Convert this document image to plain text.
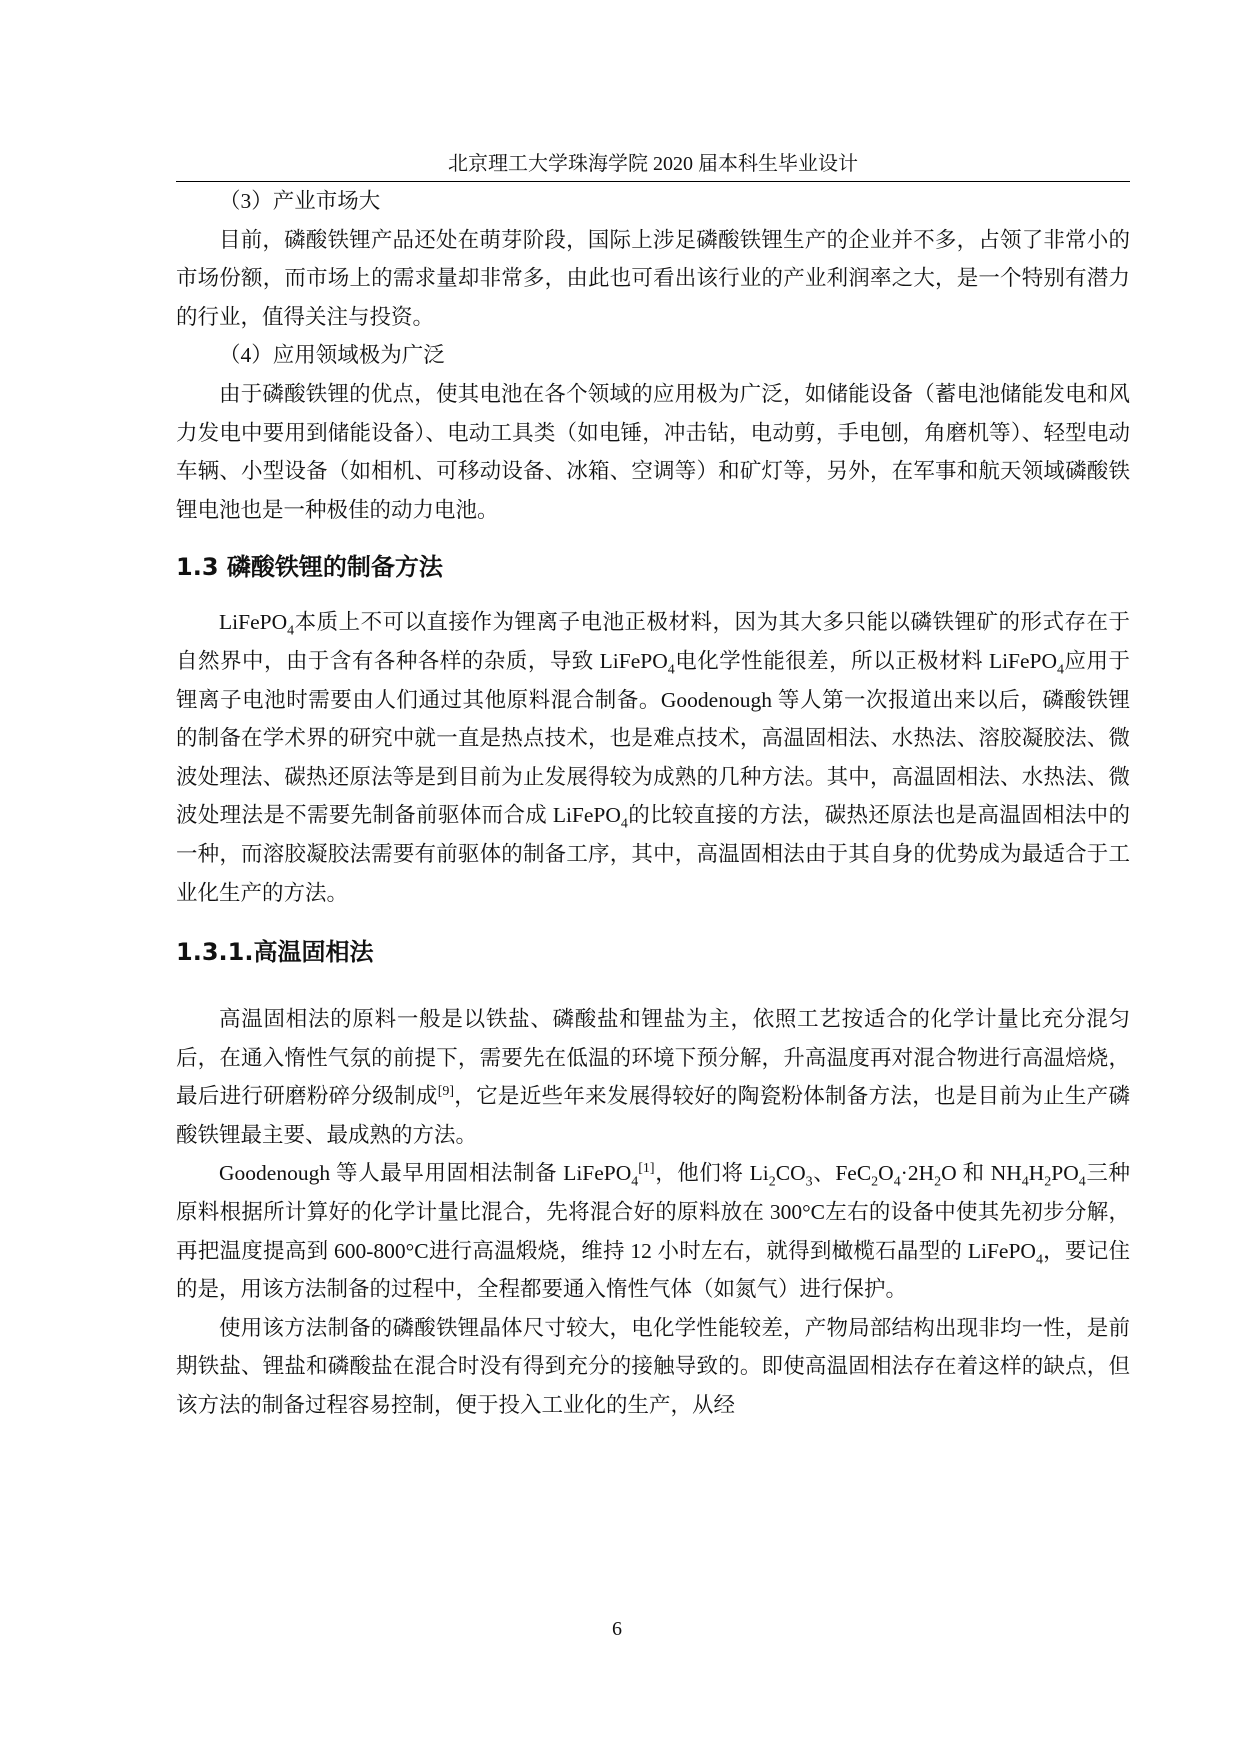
北京理工大学珠海学院 2020 届本科生毕业设计

（3）产业市场大

目前，磷酸铁锂产品还处在萌芽阶段，国际上涉足磷酸铁锂生产的企业并不多，占领了非常小的市场份额，而市场上的需求量却非常多，由此也可看出该行业的产业利润率之大，是一个特别有潜力的行业，值得关注与投资。

（4）应用领域极为广泛

由于磷酸铁锂的优点，使其电池在各个领域的应用极为广泛，如储能设备（蓄电池储能发电和风力发电中要用到储能设备）、电动工具类（如电锤，冲击钻，电动剪，手电刨，角磨机等）、轻型电动车辆、小型设备（如相机、可移动设备、冰箱、空调等）和矿灯等，另外，在军事和航天领域磷酸铁锂电池也是一种极佳的动力电池。

1.3 磷酸铁锂的制备方法

LiFePO$_4$本质上不可以直接作为锂离子电池正极材料，因为其大多只能以磷铁锂矿的形式存在于自然界中，由于含有各种各样的杂质，导致 LiFePO$_4$电化学性能很差，所以正极材料 LiFePO$_4$应用于锂离子电池时需要由人们通过其他原料混合制备。Goodenough 等人第一次报道出来以后，磷酸铁锂的制备在学术界的研究中就一直是热点技术，也是难点技术，高温固相法、水热法、溶胶凝胶法、微波处理法、碳热还原法等是到目前为止发展得较为成熟的几种方法。其中，高温固相法、水热法、微波处理法是不需要先制备前驱体而合成 LiFePO$_4$的比较直接的方法，碳热还原法也是高温固相法中的一种，而溶胶凝胶法需要有前驱体的制备工序，其中，高温固相法由于其自身的优势成为最适合于工业化生产的方法。

1.3.1.高温固相法

高温固相法的原料一般是以铁盐、磷酸盐和锂盐为主，依照工艺按适合的化学计量比充分混匀后，在通入惰性气氛的前提下，需要先在低温的环境下预分解，升高温度再对混合物进行高温焙烧，最后进行研磨粉碎分级制成[9]，它是近些年来发展得较好的陶瓷粉体制备方法，也是目前为止生产磷酸铁锂最主要、最成熟的方法。

Goodenough 等人最早用固相法制备 LiFePO$_4$[1]，他们将 $Li_2CO_3$、$FeC_2O_4\cdot 2H_2O$ 和 $NH_4H_2PO_4$三种原料根据所计算好的化学计量比混合，先将混合好的原料放在 300°C左右的设备中使其先初步分解，再把温度提高到 600-800°C进行高温煅烧，维持 12 小时左右，就得到橄榄石晶型的 LiFePO$_4$，要记住的是，用该方法制备的过程中，全程都要通入惰性气体（如氮气）进行保护。

使用该方法制备的磷酸铁锂晶体尺寸较大，电化学性能较差，产物局部结构出现非均一性，是前期铁盐、锂盐和磷酸盐在混合时没有得到充分的接触导致的。即使高温固相法存在着这样的缺点，但该方法的制备过程容易控制，便于投入工业化的生产，从经

6
